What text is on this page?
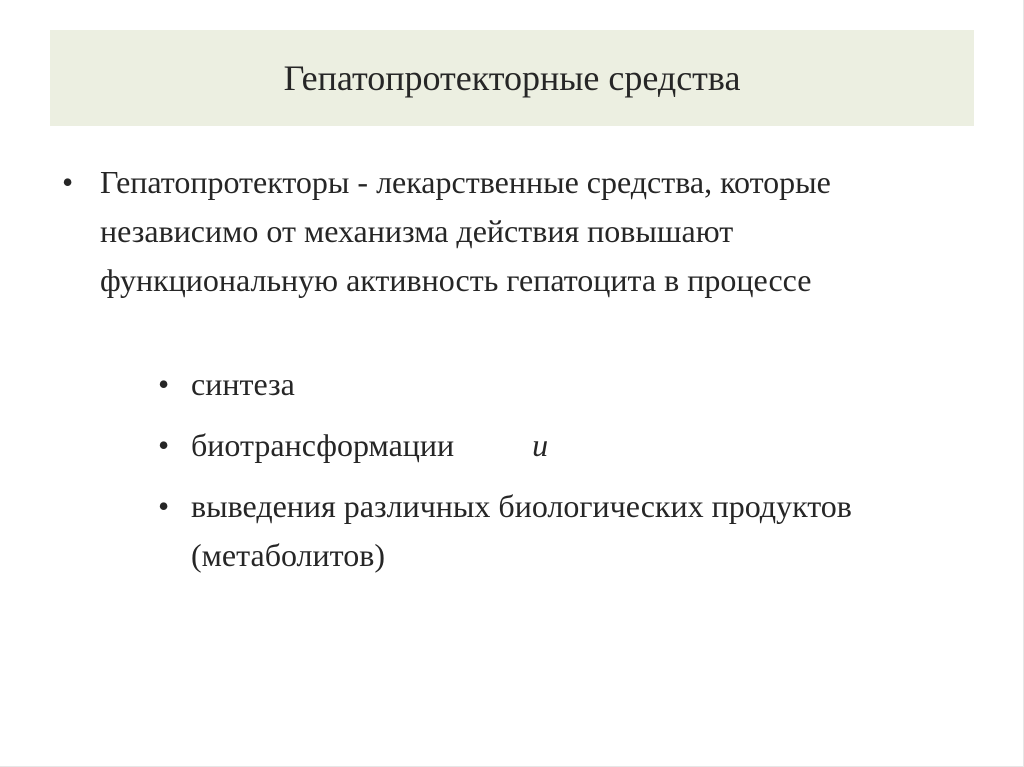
Гепатопротекторные средства
• Гепатопротекторы - лекарственные средства, которые независимо от механизма действия повышают функциональную активность гепатоцита в процессе
• синтеза
• биотрансформации и
• выведения различных биологических продуктов (метаболитов)
